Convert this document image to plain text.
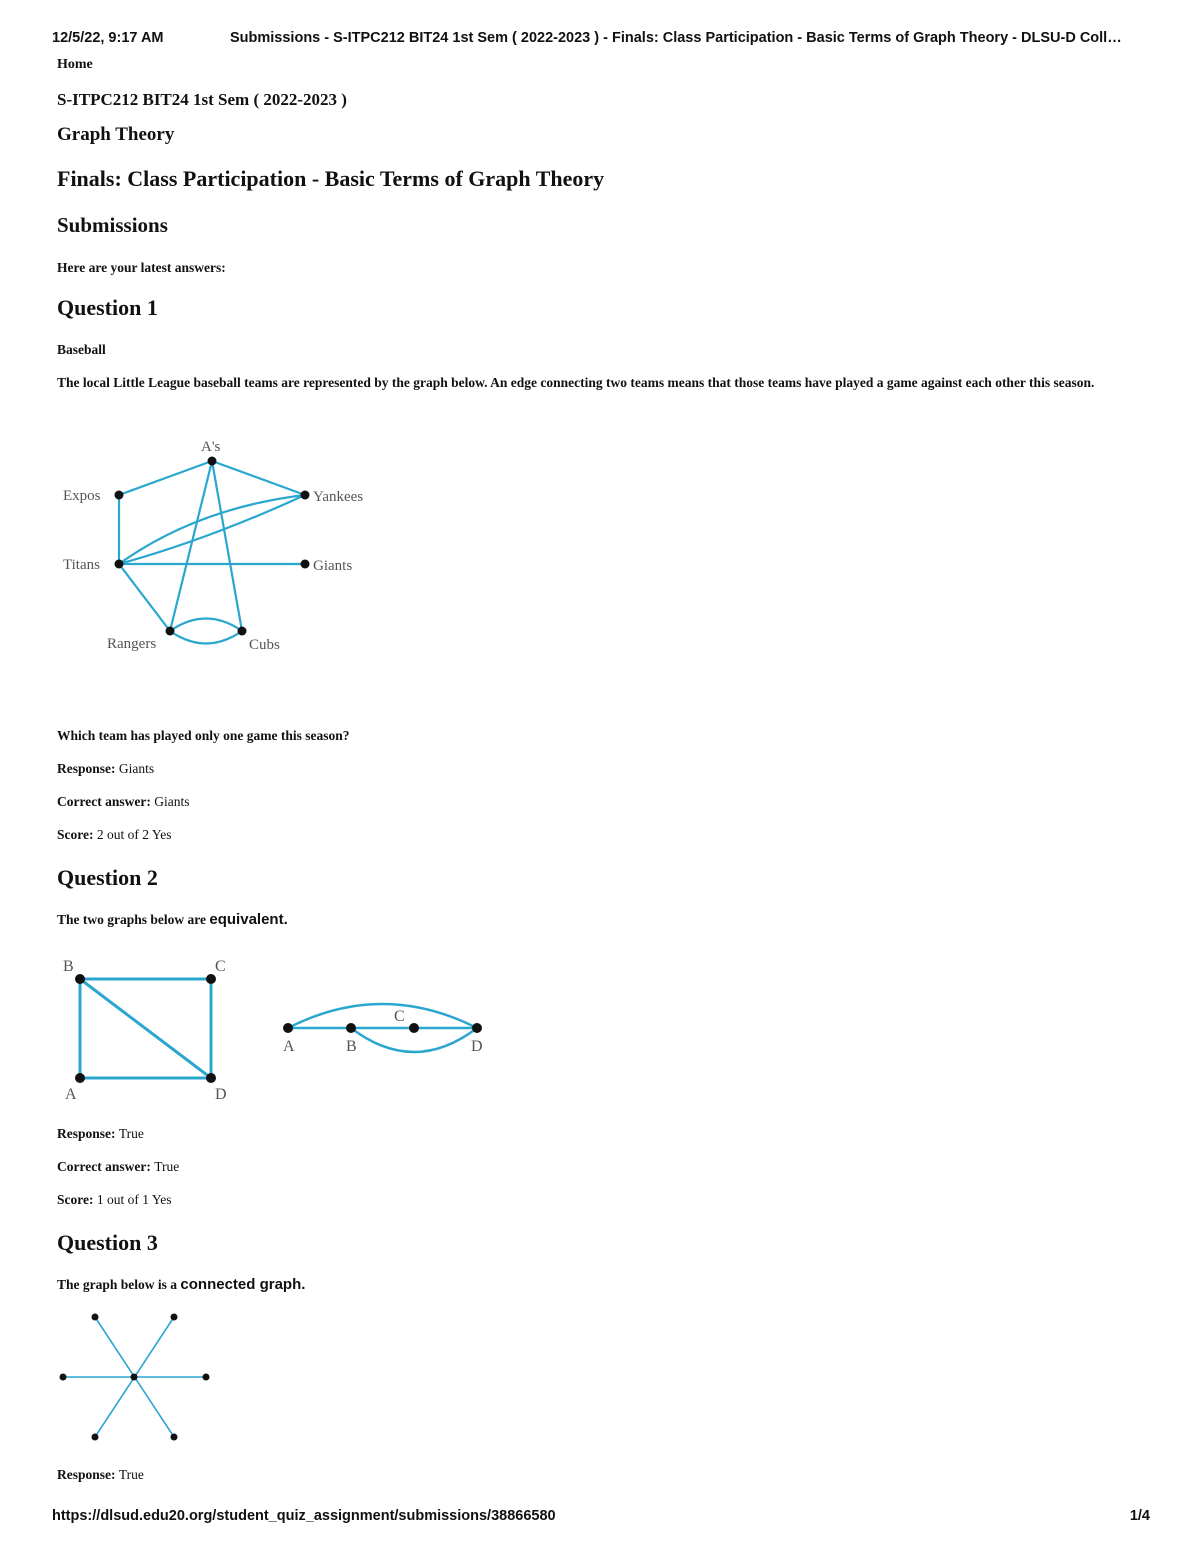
12/5/22, 9:17 AM	Submissions - S-ITPC212 BIT24 1st Sem ( 2022-2023 ) - Finals: Class Participation - Basic Terms of Graph Theory - DLSU-D Coll…
Home
S-ITPC212 BIT24 1st Sem ( 2022-2023 )
Graph Theory
Finals: Class Participation - Basic Terms of Graph Theory
Submissions
Here are your latest answers:
Question 1
Baseball
The local Little League baseball teams are represented by the graph below. An edge connecting two teams means that those teams have played a game against each other this season.
A's
Expos	Yankees
Titans	Giants
Rangers	Cubs
Which team has played only one game this season?
Response: Giants
Correct answer: Giants
Score: 2 out of 2 Yes
Question 2
The two graphs below are equivalent.
B	C
A	D
A	B
C
D
Response: True
Correct answer: True
Score: 1 out of 1 Yes
Question 3
The graph below is a connected graph.
Response: True
https://dlsud.edu20.org/student_quiz_assignment/submissions/38866580	1/4
